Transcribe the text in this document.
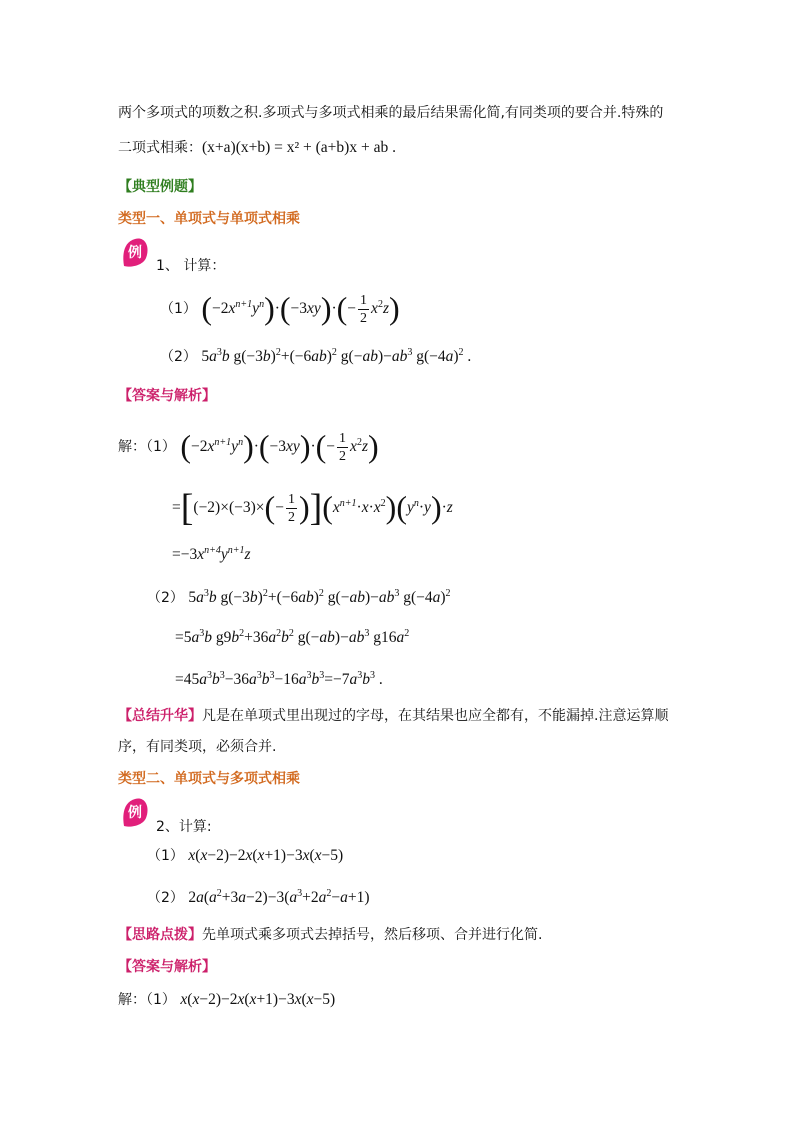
两个多项式的项数之积.多项式与多项式相乘的最后结果需化简,有同类项的要合并.特殊的
二项式相乘：(x+a)(x+b) = x² + (a+b)x + ab .
【典型例题】
类型一、单项式与单项式相乘
例
1、 计算：
（1） $(-2x^{n+1}y^n)\cdot(-3xy)\cdot(- \frac{1}{2} x^2z)$
（2） $5a^3b$ $g(-3b)^2+(-6ab)^2$ $g(-ab)-ab^3$ $g(-4a)^2$ .
【答案与解析】
解：（1） $(-2x^{n+1}y^n)\cdot(-3xy)\cdot(- \frac{1}{2} x^2z)$
$=[(-2)\times(-3)\times(- \frac{1}{2} )](x^{n+1}\cdot x\cdot x^2)(y^n\cdot y)\cdot z$
$=-3x^{n+4}y^{n+1}z$
（2） $5a^3b$ $g(-3b)^2+(-6ab)^2$ $g(-ab)-ab^3$ $g(-4a)^2$
$=5a^3b$ $g9b^2+36a^2b^2$ $g(-ab)-ab^3$ $g16a^2$
$=45a^3b^3-36a^3b^3-16a^3b^3=-7a^3b^3$ .
【总结升华】凡是在单项式里出现过的字母，在其结果也应全都有，不能漏掉.注意运算顺
序，有同类项，必须合并.
类型二、单项式与多项式相乘
例
2、计算:
（1） x(x−2)−2x(x+1)−3x(x−5)
（2） $2a(a^2+3a-2)-3(a^3+2a^2-a+1)$
【思路点拨】先单项式乘多项式去掉括号，然后移项、合并进行化简.
【答案与解析】
解：（1） x(x−2)−2x(x+1)−3x(x−5)
